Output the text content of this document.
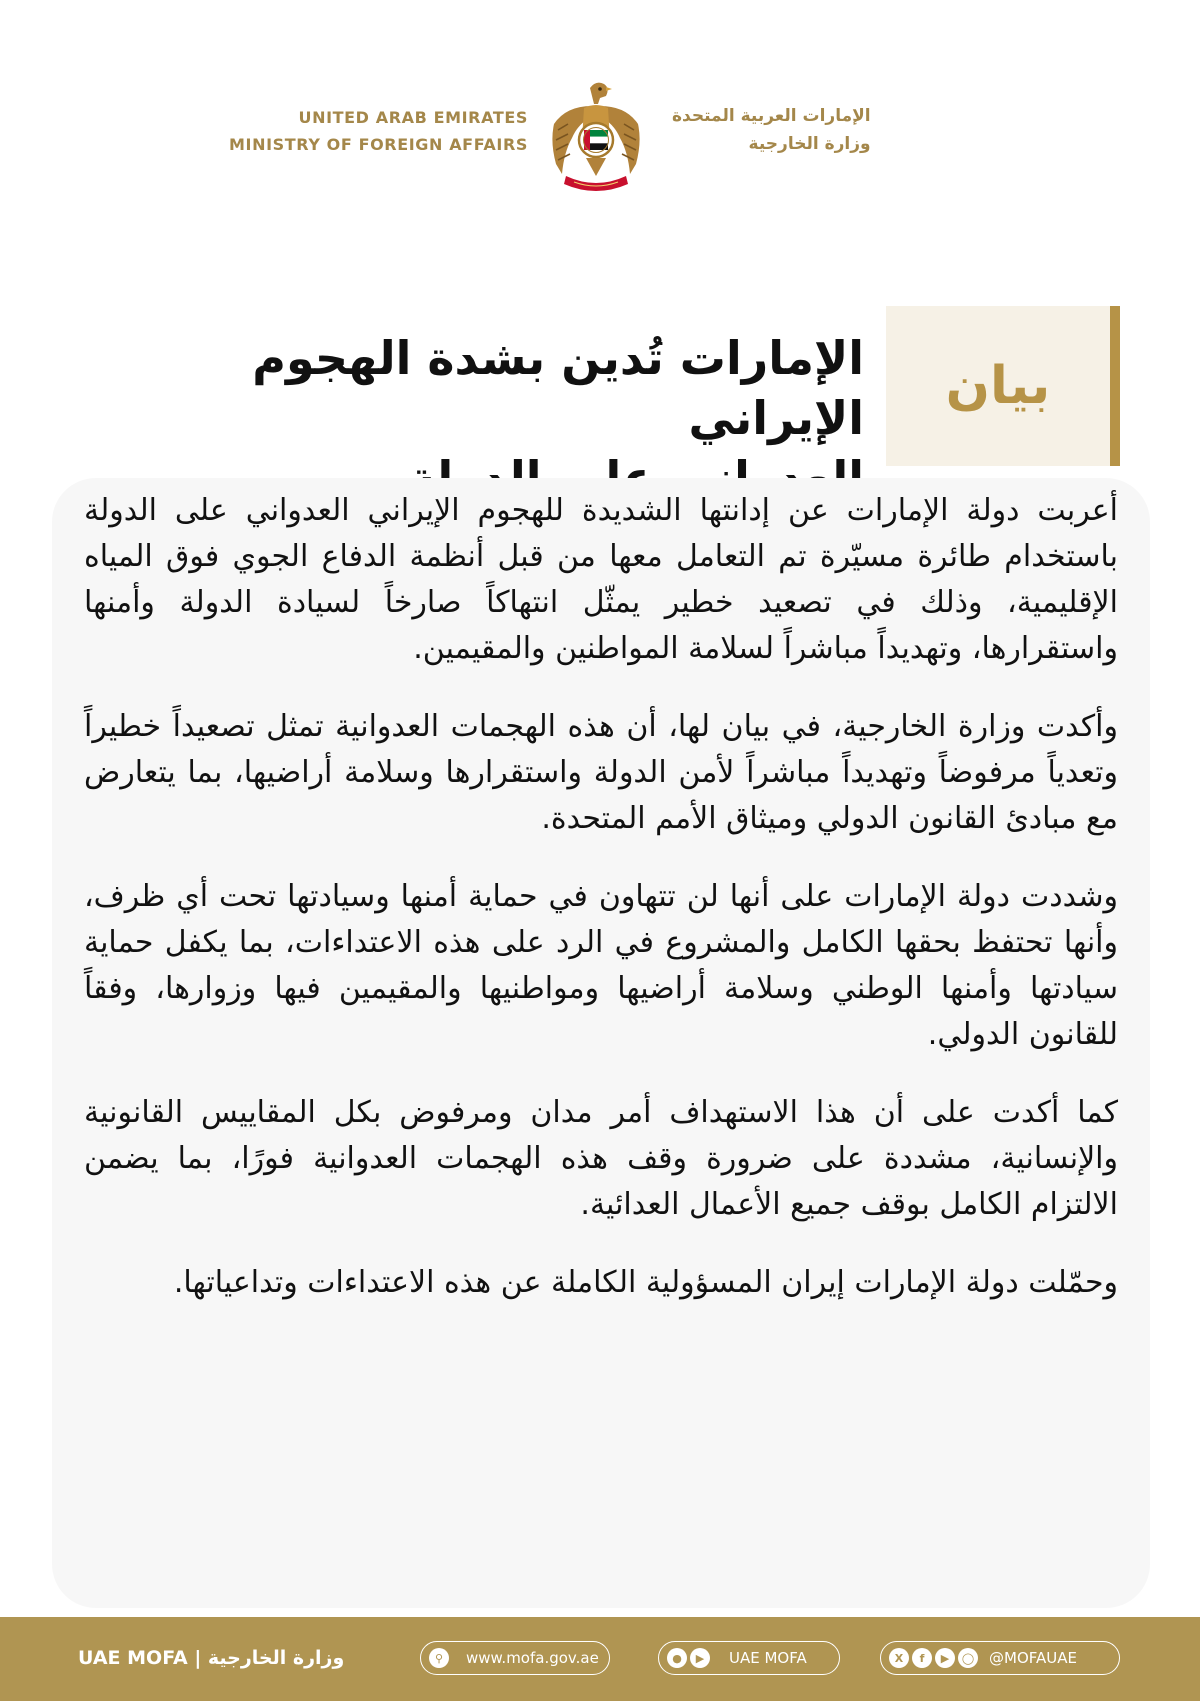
UNITED ARAB EMIRATES
MINISTRY OF FOREIGN AFFAIRS
الإمارات العربية المتحدة
وزارة الخارجية
بيان
الإمارات تُدين بشدة الهجوم الإيراني

أعربت دولة الإمارات عن إدانتها الشديدة للهجوم الإيراني العدواني على الدولة باستخدام طائرة مسيّرة تم التعامل معها من قبل أنظمة الدفاع الجوي فوق المياه الإقليمية، وذلك في تصعيد خطير يمثّل انتهاكاً صارخاً لسيادة الدولة وأمنها واستقرارها، وتهديداً مباشراً لسلامة المواطنين والمقيمين.

وأكدت وزارة الخارجية، في بيان لها، أن هذه الهجمات العدوانية تمثل تصعيداً خطيراً وتعدياً مرفوضاً وتهديداً مباشراً لأمن الدولة واستقرارها وسلامة أراضيها، بما يتعارض مع مبادئ القانون الدولي وميثاق الأمم المتحدة.

وشددت دولة الإمارات على أنها لن تتهاون في حماية أمنها وسيادتها تحت أي ظرف، وأنها تحتفظ بحقها الكامل والمشروع في الرد على هذه الاعتداءات، بما يكفل حماية سيادتها وأمنها الوطني وسلامة أراضيها ومواطنيها والمقيمين فيها وزوارها، وفقاً للقانون الدولي.

كما أكدت على أن هذا الاستهداف أمر مدان ومرفوض بكل المقاييس القانونية والإنسانية، مشددة على ضرورة وقف هذه الهجمات العدوانية فورًا، بما يضمن الالتزام الكامل بوقف جميع الأعمال العدائية.

وحمّلت دولة الإمارات إيران المسؤولية الكاملة عن هذه الاعتداءات وتداعياتها.

UAE MOFA | وزارة الخارجية	⚲	www.mofa.gov.ae	●	▶	UAE MOFA	X	f	▶	◯ @MOFAUAE
